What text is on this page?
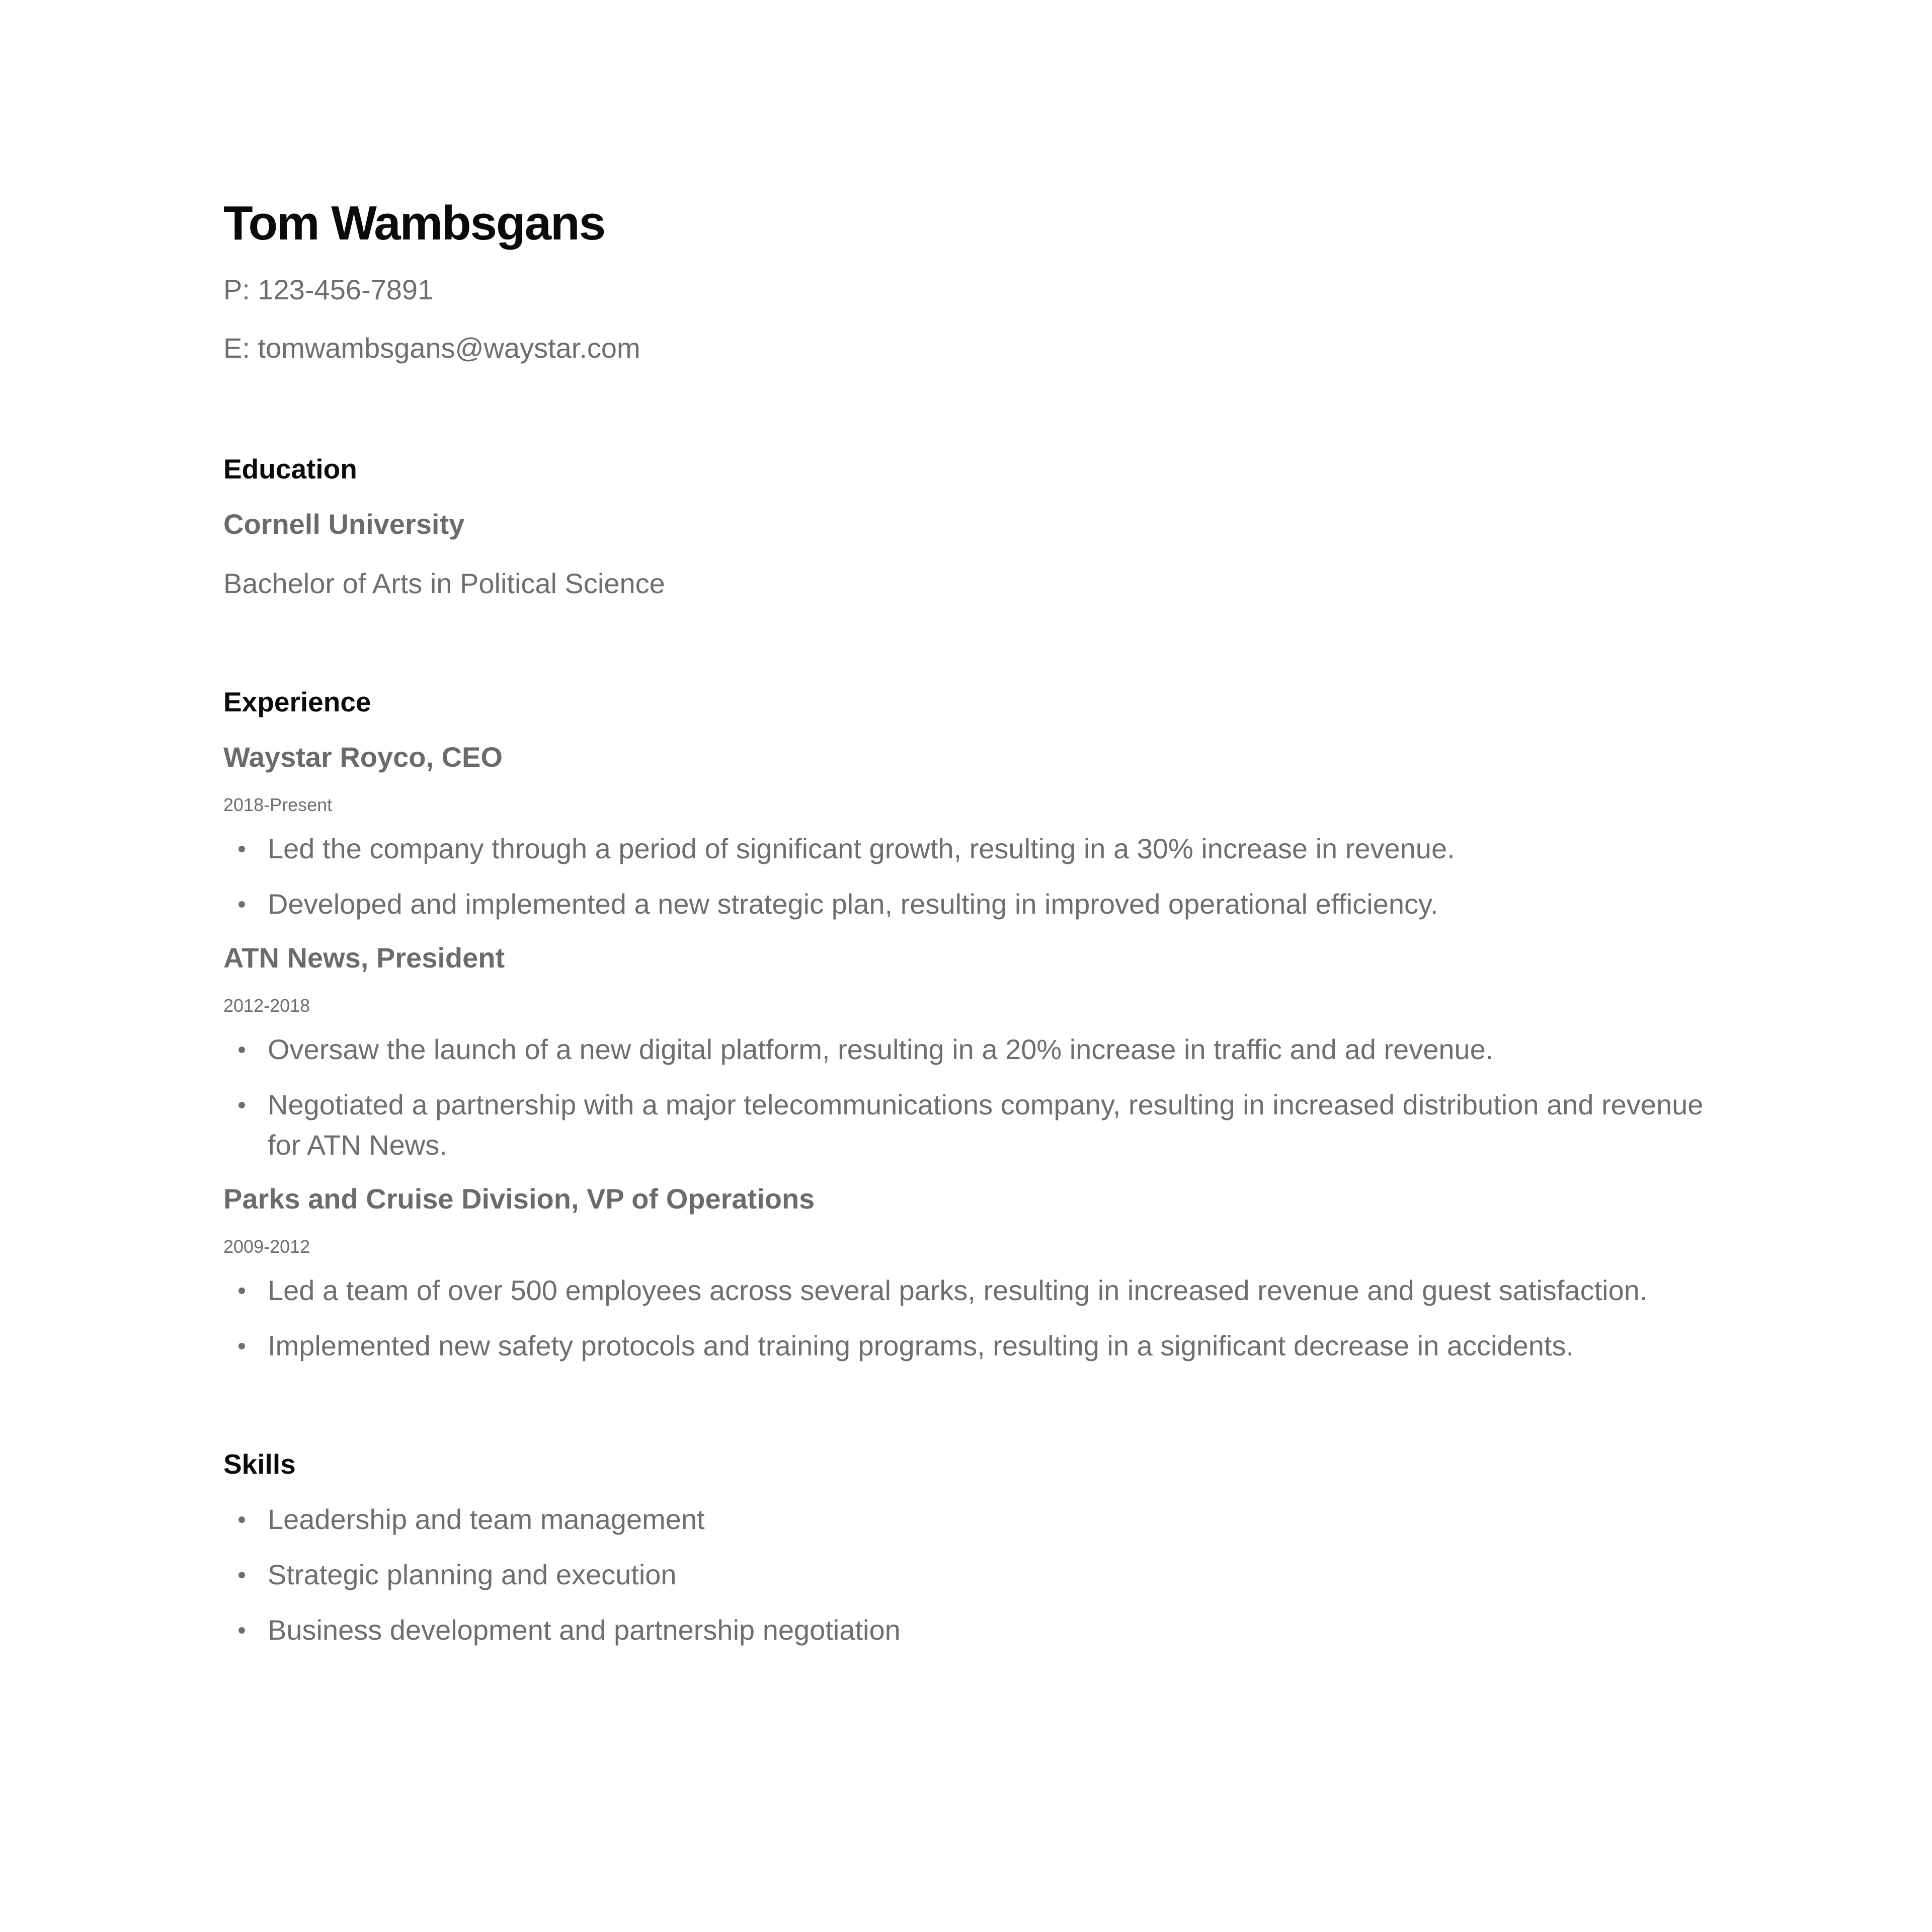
Tom Wambsgans

P: 123-456-7891

E: tomwambsgans@waystar.com

Education
Cornell University

Bachelor of Arts in Political Science

Experience
Waystar Royco, CEO

2018-Present

Led the company through a period of significant growth, resulting in a 30% increase in revenue.
Developed and implemented a new strategic plan, resulting in improved operational efficiency.
ATN News, President

2012-2018

Oversaw the launch of a new digital platform, resulting in a 20% increase in traffic and ad revenue.
Negotiated a partnership with a major telecommunications company, resulting in increased distribution and revenue for ATN News.
Parks and Cruise Division, VP of Operations

2009-2012

Led a team of over 500 employees across several parks, resulting in increased revenue and guest satisfaction.
Implemented new safety protocols and training programs, resulting in a significant decrease in accidents.
Skills
Leadership and team management
Strategic planning and execution
Business development and partnership negotiation
